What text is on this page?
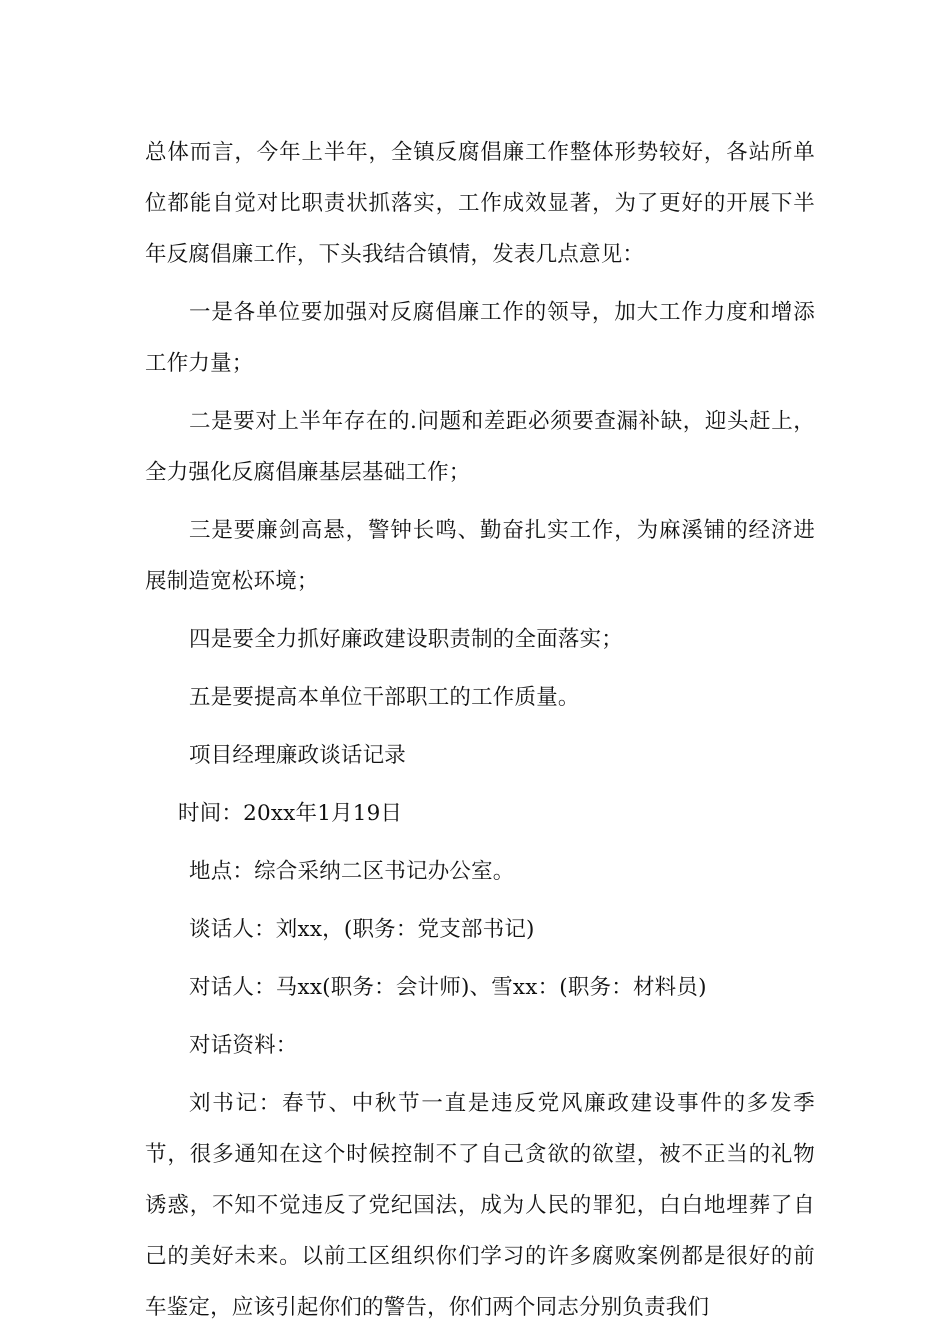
总体而言，今年上半年，全镇反腐倡廉工作整体形势较好，各站所单位都能自觉对比职责状抓落实，工作成效显著，为了更好的开展下半年反腐倡廉工作，下头我结合镇情，发表几点意见：

一是各单位要加强对反腐倡廉工作的领导，加大工作力度和增添工作力量；

二是要对上半年存在的.问题和差距必须要查漏补缺，迎头赶上，全力强化反腐倡廉基层基础工作；

三是要廉剑高悬，警钟长鸣、勤奋扎实工作，为麻溪铺的经济进展制造宽松环境；

四是要全力抓好廉政建设职责制的全面落实；

五是要提高本单位干部职工的工作质量。

项目经理廉政谈话记录

时间：20xx年1月19日

地点：综合采纳二区书记办公室。

谈话人：刘xx，(职务：党支部书记)

对话人：马xx(职务：会计师)、雪xx：(职务：材料员)

对话资料：

刘书记：春节、中秋节一直是违反党风廉政建设事件的多发季节，很多通知在这个时候控制不了自己贪欲的欲望，被不正当的礼物诱惑，不知不觉违反了党纪国法，成为人民的罪犯，白白地埋葬了自己的美好未来。以前工区组织你们学习的许多腐败案例都是很好的前车鉴定，应该引起你们的警告，你们两个同志分别负责我们
